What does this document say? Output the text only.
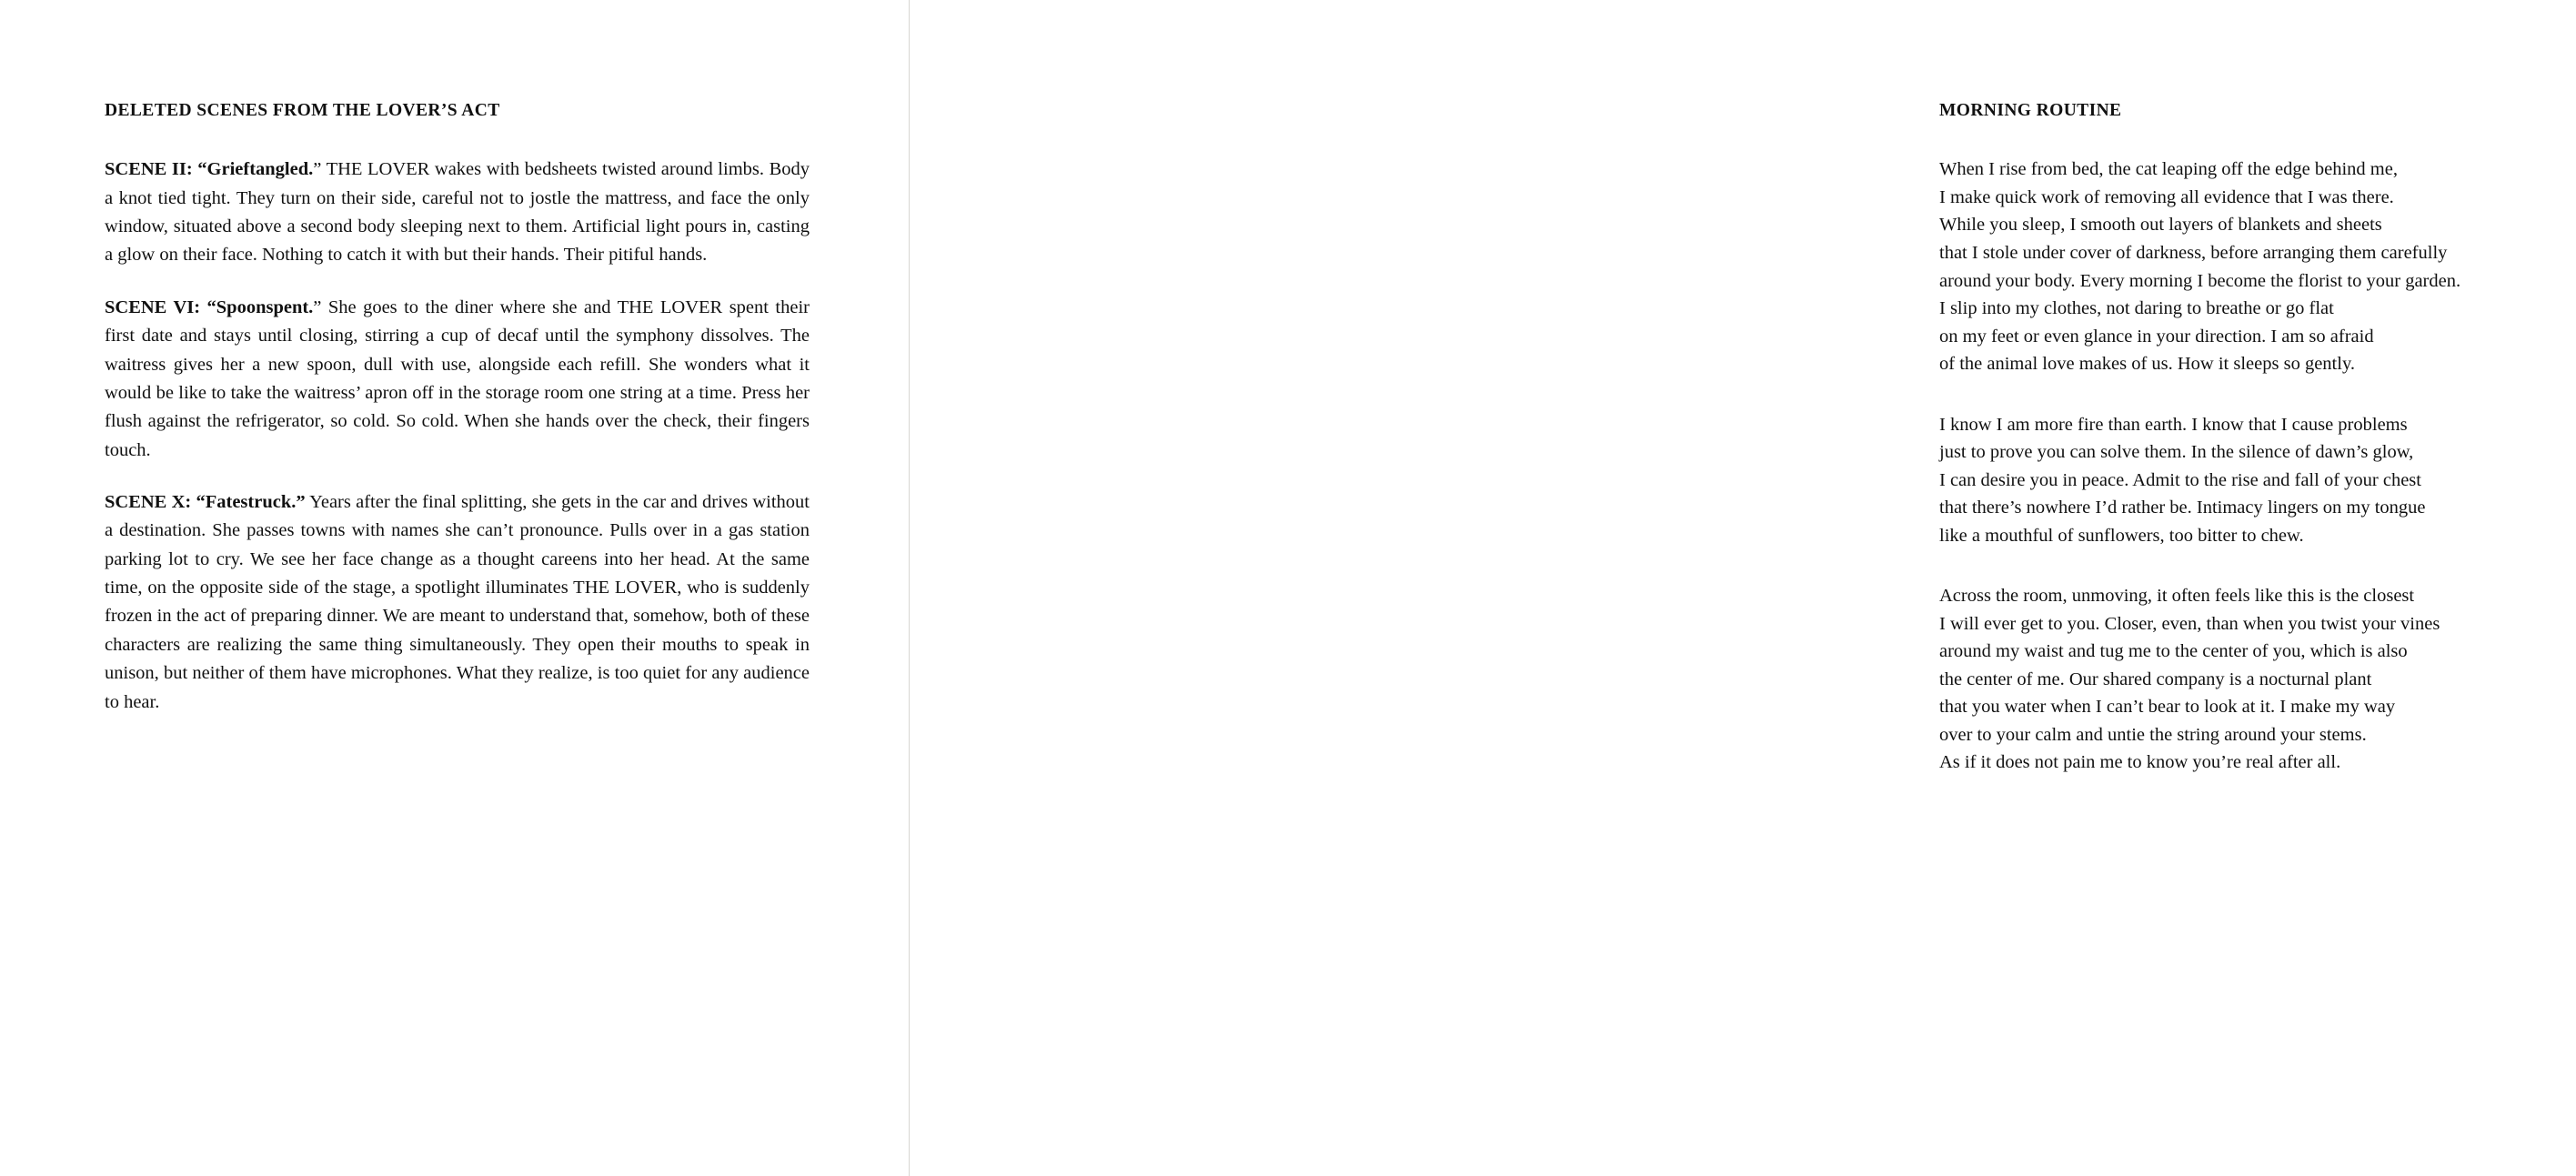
DELETED SCENES FROM THE LOVER’S ACT

SCENE II: “Grieftangled.” THE LOVER wakes with bedsheets twisted around limbs. Body a knot tied tight. They turn on their side, careful not to jostle the mattress, and face the only window, situated above a second body sleeping next to them. Artificial light pours in, casting a glow on their face. Nothing to catch it with but their hands. Their pitiful hands.

SCENE VI: “Spoonspent.” She goes to the diner where she and THE LOVER spent their first date and stays until closing, stirring a cup of decaf until the symphony dissolves. The waitress gives her a new spoon, dull with use, alongside each refill. She wonders what it would be like to take the waitress’ apron off in the storage room one string at a time. Press her flush against the refrigerator, so cold. So cold. When she hands over the check, their fingers touch.

SCENE X: “Fatestruck.” Years after the final splitting, she gets in the car and drives without a destination. She passes towns with names she can’t pronounce. Pulls over in a gas station parking lot to cry. We see her face change as a thought careens into her head. At the same time, on the opposite side of the stage, a spotlight illuminates THE LOVER, who is suddenly frozen in the act of preparing dinner. We are meant to understand that, somehow, both of these characters are realizing the same thing simultaneously. They open their mouths to speak in unison, but neither of them have microphones. What they realize, is too quiet for any audience to hear.

MORNING ROUTINE
When I rise from bed, the cat leaping off the edge behind me,
I make quick work of removing all evidence that I was there.
While you sleep, I smooth out layers of blankets and sheets
that I stole under cover of darkness, before arranging them carefully
around your body. Every morning I become the florist to your garden.
I slip into my clothes, not daring to breathe or go flat
on my feet or even glance in your direction. I am so afraid
of the animal love makes of us. How it sleeps so gently.
I know I am more fire than earth. I know that I cause problems
just to prove you can solve them. In the silence of dawn’s glow,
I can desire you in peace. Admit to the rise and fall of your chest
that there’s nowhere I’d rather be. Intimacy lingers on my tongue
like a mouthful of sunflowers, too bitter to chew.
Across the room, unmoving, it often feels like this is the closest
I will ever get to you. Closer, even, than when you twist your vines
around my waist and tug me to the center of you, which is also
the center of me. Our shared company is a nocturnal plant
that you water when I can’t bear to look at it. I make my way
over to your calm and untie the string around your stems.
As if it does not pain me to know you’re real after all.
